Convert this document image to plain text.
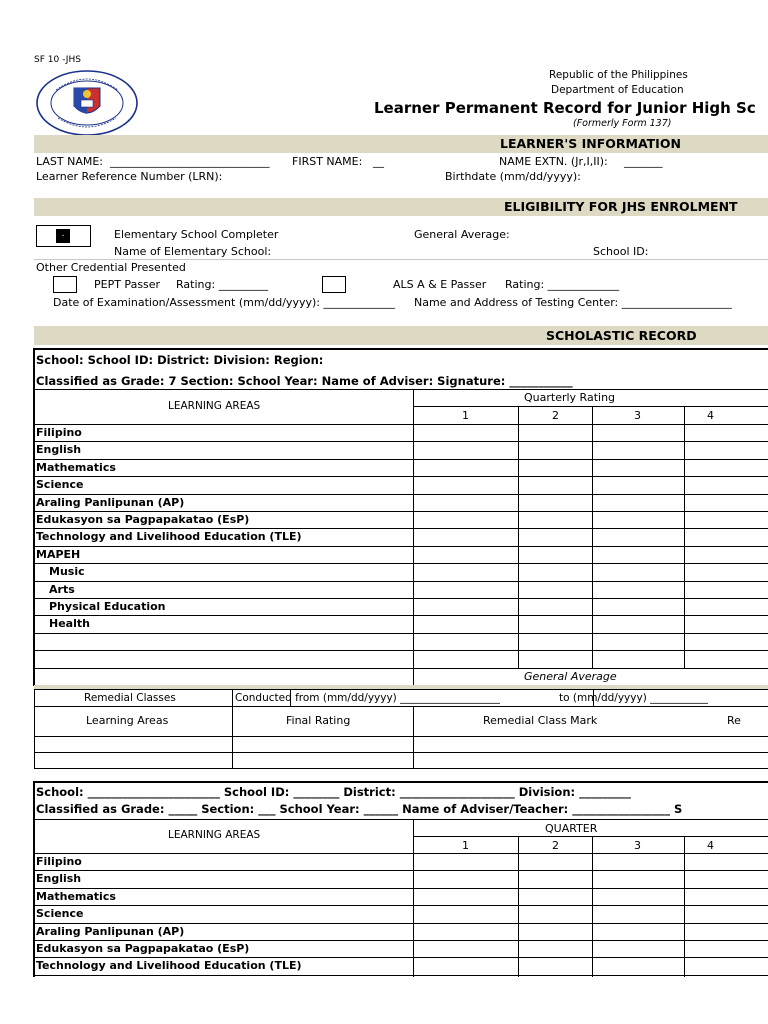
SF 10 -JHS
Republic of the Philippines
Department of Education
Learner Permanent Record for Junior High Sc
(Formerly Form 137)
LEARNER'S INFORMATION
LAST NAME: _____________________________ FIRST NAME: __	NAME EXTN. (Jr,I,II): _______
Learner Reference Number (LRN):	Birthdate (mm/dd/yyyy):
ELIGIBILITY FOR JHS ENROLMENT
.	Elementary School Completer	General Average:
Name of Elementary School:	School ID:
Other Credential Presented
PEPT Passer Rating: _________	ALS A & E Passer Rating: _____________
Date of Examination/Assessment (mm/dd/yyyy): _____________ Name and Address of Testing Center: ____________________
SCHOLASTIC RECORD
School: School ID: District: Division: Region:
Classified as Grade: 7 Section: School Year: Name of Adviser: Signature: ___________
LEARNING AREAS
Quarterly Rating
1	2	3	4
Filipino
English
Mathematics
Science
Araling Panlipunan (AP)
Edukasyon sa Pagpapakatao (EsP)
Technology and Livelihood Education (TLE)
MAPEH
Music
Arts
Physical Education
Health
General Average
Remedial Classes	Conducted from (mm/dd/yyyy) ___________________	to (mm/dd/yyyy) ___________
Learning Areas	Final Rating	Remedial Class Mark	Re
School: _______________________ School ID: ________ District: ____________________ Division: _________
Classified as Grade: _____ Section: ___ School Year: ______ Name of Adviser/Teacher: _________________ S
LEARNING AREAS	QUARTER
1	2	3	4
Filipino
English
Mathematics
Science
Araling Panlipunan (AP)
Edukasyon sa Pagpapakatao (EsP)
Technology and Livelihood Education (TLE)
